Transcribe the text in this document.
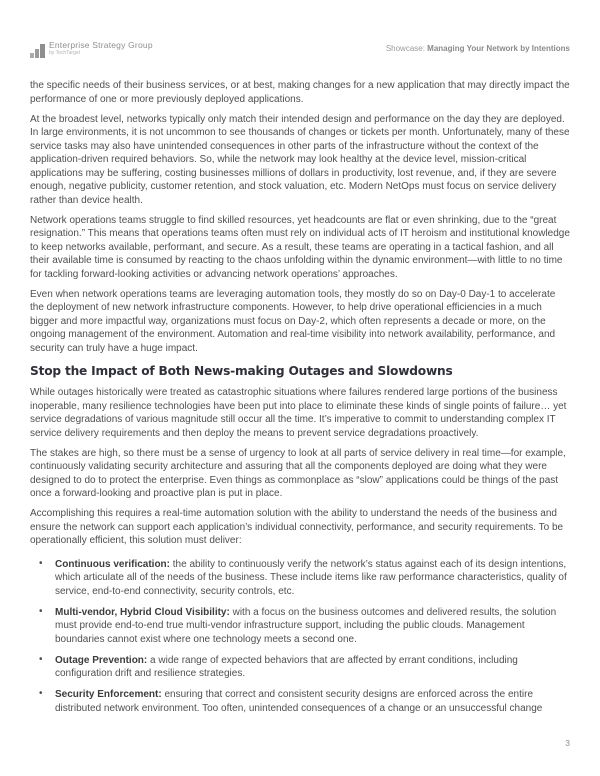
Enterprise Strategy Group
by TechTarget	Showcase: Managing Your Network by Intentions

the specific needs of their business services, or at best, making changes for a new application that may directly impact the performance of one or more previously deployed applications.

At the broadest level, networks typically only match their intended design and performance on the day they are deployed. In large environments, it is not uncommon to see thousands of changes or tickets per month. Unfortunately, many of these service tasks may also have unintended consequences in other parts of the infrastructure without the context of the application-driven required behaviors. So, while the network may look healthy at the device level, mission-critical applications may be suffering, costing businesses millions of dollars in productivity, lost revenue, and, if they are severe enough, negative publicity, customer retention, and stock valuation, etc. Modern NetOps must focus on service delivery rather than device health.

Network operations teams struggle to find skilled resources, yet headcounts are flat or even shrinking, due to the “great resignation.” This means that operations teams often must rely on individual acts of IT heroism and institutional knowledge to keep networks available, performant, and secure. As a result, these teams are operating in a tactical fashion, and all their available time is consumed by reacting to the chaos unfolding within the dynamic environment—with little to no time for tackling forward-looking activities or advancing network operations’ approaches.

Even when network operations teams are leveraging automation tools, they mostly do so on Day-0 Day-1 to accelerate the deployment of new network infrastructure components. However, to help drive operational efficiencies in a much bigger and more impactful way, organizations must focus on Day-2, which often represents a decade or more, on the ongoing management of the environment. Automation and real-time visibility into network availability, performance, and security can truly have a huge impact.

Stop the Impact of Both News-making Outages and Slowdowns

While outages historically were treated as catastrophic situations where failures rendered large portions of the business inoperable, many resilience technologies have been put into place to eliminate these kinds of single points of failure… yet service degradations of various magnitude still occur all the time. It’s imperative to commit to understanding complex IT service delivery requirements and then deploy the means to prevent service degradations proactively.

The stakes are high, so there must be a sense of urgency to look at all parts of service delivery in real time—for example, continuously validating security architecture and assuring that all the components deployed are doing what they were designed to do to protect the enterprise. Even things as commonplace as “slow” applications could be things of the past once a forward-looking and proactive plan is put in place.

Accomplishing this requires a real-time automation solution with the ability to understand the needs of the business and ensure the network can support each application’s individual connectivity, performance, and security requirements. To be operationally efficient, this solution must deliver:

• Continuous verification: the ability to continuously verify the network’s status against each of its design intentions, which articulate all of the needs of the business. These include items like raw performance characteristics, quality of service, end-to-end connectivity, security controls, etc.
• Multi-vendor, Hybrid Cloud Visibility: with a focus on the business outcomes and delivered results, the solution must provide end-to-end true multi-vendor infrastructure support, including the public clouds. Management boundaries cannot exist where one technology meets a second one.
• Outage Prevention: a wide range of expected behaviors that are affected by errant conditions, including configuration drift and resilience strategies.
• Security Enforcement: ensuring that correct and consistent security designs are enforced across the entire distributed network environment. Too often, unintended consequences of a change or an unsuccessful change
3
